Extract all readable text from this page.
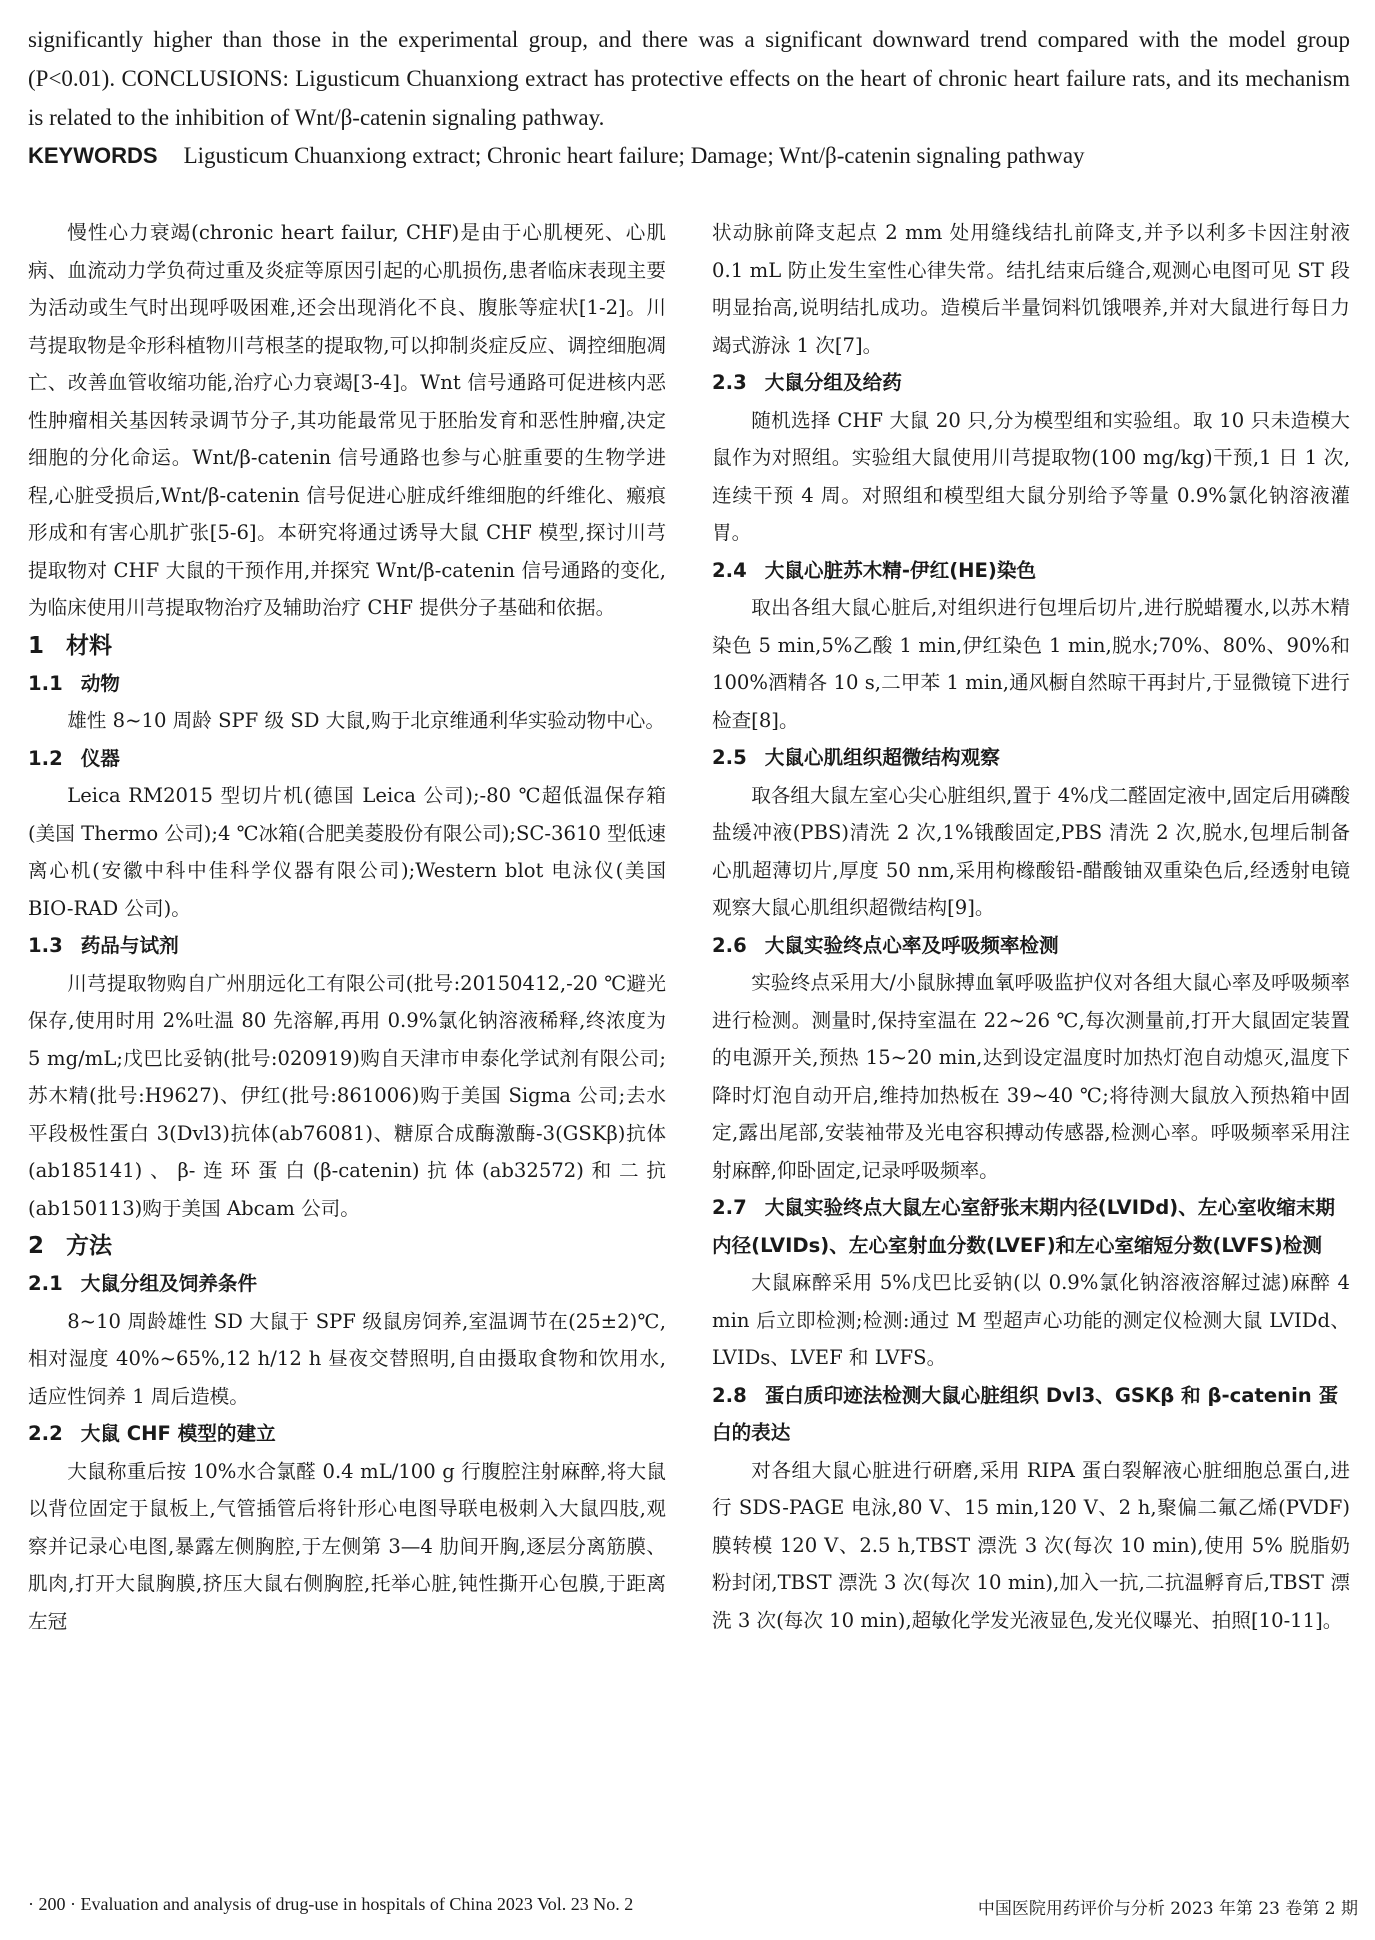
significantly higher than those in the experimental group, and there was a significant downward trend compared with the model group (P<0.01). CONCLUSIONS: Ligusticum Chuanxiong extract has protective effects on the heart of chronic heart failure rats, and its mechanism is related to the inhibition of Wnt/β-catenin signaling pathway.
KEYWORDS Ligusticum Chuanxiong extract; Chronic heart failure; Damage; Wnt/β-catenin signaling pathway

慢性心力衰竭(chronic heart failur, CHF)是由于心肌梗死、心肌病、血流动力学负荷过重及炎症等原因引起的心肌损伤,患者临床表现主要为活动或生气时出现呼吸困难,还会出现消化不良、腹胀等症状[1-2]。川芎提取物是伞形科植物川芎根茎的提取物,可以抑制炎症反应、调控细胞凋亡、改善血管收缩功能,治疗心力衰竭[3-4]。Wnt 信号通路可促进核内恶性肿瘤相关基因转录调节分子,其功能最常见于胚胎发育和恶性肿瘤,决定细胞的分化命运。Wnt/β-catenin 信号通路也参与心脏重要的生物学进程,心脏受损后,Wnt/β-catenin 信号促进心脏成纤维细胞的纤维化、瘢痕形成和有害心肌扩张[5-6]。本研究将通过诱导大鼠 CHF 模型,探讨川芎提取物对 CHF 大鼠的干预作用,并探究 Wnt/β-catenin 信号通路的变化,为临床使用川芎提取物治疗及辅助治疗 CHF 提供分子基础和依据。

1 材料
1.1 动物

雄性 8~10 周龄 SPF 级 SD 大鼠,购于北京维通利华实验动物中心。

1.2 仪器

Leica RM2015 型切片机(德国 Leica 公司);-80 ℃超低温保存箱(美国 Thermo 公司);4 ℃冰箱(合肥美菱股份有限公司);SC-3610 型低速离心机(安徽中科中佳科学仪器有限公司);Western blot 电泳仪(美国 BIO-RAD 公司)。

1.3 药品与试剂

川芎提取物购自广州朋远化工有限公司(批号:20150412,-20 ℃避光保存,使用时用 2%吐温 80 先溶解,再用 0.9%氯化钠溶液稀释,终浓度为 5 mg/mL;戊巴比妥钠(批号:020919)购自天津市申泰化学试剂有限公司;苏木精(批号:H9627)、伊红(批号:861006)购于美国 Sigma 公司;去水平段极性蛋白 3(Dvl3)抗体(ab76081)、糖原合成酶激酶-3(GSKβ)抗体(ab185141)、β-连环蛋白(β-catenin)抗体(ab32572)和二抗(ab150113)购于美国 Abcam 公司。

2 方法
2.1 大鼠分组及饲养条件

8~10 周龄雄性 SD 大鼠于 SPF 级鼠房饲养,室温调节在(25±2)℃,相对湿度 40%~65%,12 h/12 h 昼夜交替照明,自由摄取食物和饮用水,适应性饲养 1 周后造模。

2.2 大鼠 CHF 模型的建立

大鼠称重后按 10%水合氯醛 0.4 mL/100 g 行腹腔注射麻醉,将大鼠以背位固定于鼠板上,气管插管后将针形心电图导联电极刺入大鼠四肢,观察并记录心电图,暴露左侧胸腔,于左侧第 3—4 肋间开胸,逐层分离筋膜、肌肉,打开大鼠胸膜,挤压大鼠右侧胸腔,托举心脏,钝性撕开心包膜,于距离左冠

状动脉前降支起点 2 mm 处用缝线结扎前降支,并予以利多卡因注射液 0.1 mL 防止发生室性心律失常。结扎结束后缝合,观测心电图可见 ST 段明显抬高,说明结扎成功。造模后半量饲料饥饿喂养,并对大鼠进行每日力竭式游泳 1 次[7]。

2.3 大鼠分组及给药

随机选择 CHF 大鼠 20 只,分为模型组和实验组。取 10 只未造模大鼠作为对照组。实验组大鼠使用川芎提取物(100 mg/kg)干预,1 日 1 次,连续干预 4 周。对照组和模型组大鼠分别给予等量 0.9%氯化钠溶液灌胃。

2.4 大鼠心脏苏木精-伊红(HE)染色

取出各组大鼠心脏后,对组织进行包埋后切片,进行脱蜡覆水,以苏木精染色 5 min,5%乙酸 1 min,伊红染色 1 min,脱水;70%、80%、90%和 100%酒精各 10 s,二甲苯 1 min,通风橱自然晾干再封片,于显微镜下进行检查[8]。

2.5 大鼠心肌组织超微结构观察

取各组大鼠左室心尖心脏组织,置于 4%戊二醛固定液中,固定后用磷酸盐缓冲液(PBS)清洗 2 次,1%锇酸固定,PBS 清洗 2 次,脱水,包埋后制备心肌超薄切片,厚度 50 nm,采用枸橼酸铅-醋酸铀双重染色后,经透射电镜观察大鼠心肌组织超微结构[9]。

2.6 大鼠实验终点心率及呼吸频率检测

实验终点采用大/小鼠脉搏血氧呼吸监护仪对各组大鼠心率及呼吸频率进行检测。测量时,保持室温在 22~26 ℃,每次测量前,打开大鼠固定装置的电源开关,预热 15~20 min,达到设定温度时加热灯泡自动熄灭,温度下降时灯泡自动开启,维持加热板在 39~40 ℃;将待测大鼠放入预热箱中固定,露出尾部,安装袖带及光电容积搏动传感器,检测心率。呼吸频率采用注射麻醉,仰卧固定,记录呼吸频率。

2.7 大鼠实验终点大鼠左心室舒张末期内径(LVIDd)、左心室收缩末期内径(LVIDs)、左心室射血分数(LVEF)和左心室缩短分数(LVFS)检测

大鼠麻醉采用 5%戊巴比妥钠(以 0.9%氯化钠溶液溶解过滤)麻醉 4 min 后立即检测;检测:通过 M 型超声心功能的测定仪检测大鼠 LVIDd、LVIDs、LVEF 和 LVFS。

2.8 蛋白质印迹法检测大鼠心脏组织 Dvl3、GSKβ 和 β-catenin 蛋白的表达

对各组大鼠心脏进行研磨,采用 RIPA 蛋白裂解液心脏细胞总蛋白,进行 SDS-PAGE 电泳,80 V、15 min,120 V、2 h,聚偏二氟乙烯(PVDF)膜转模 120 V、2.5 h,TBST 漂洗 3 次(每次 10 min),使用 5% 脱脂奶粉封闭,TBST 漂洗 3 次(每次 10 min),加入一抗,二抗温孵育后,TBST 漂洗 3 次(每次 10 min),超敏化学发光液显色,发光仪曝光、拍照[10-11]。

· 200 · Evaluation and analysis of drug-use in hospitals of China 2023 Vol. 23 No. 2	中国医院用药评价与分析 2023 年第 23 卷第 2 期
